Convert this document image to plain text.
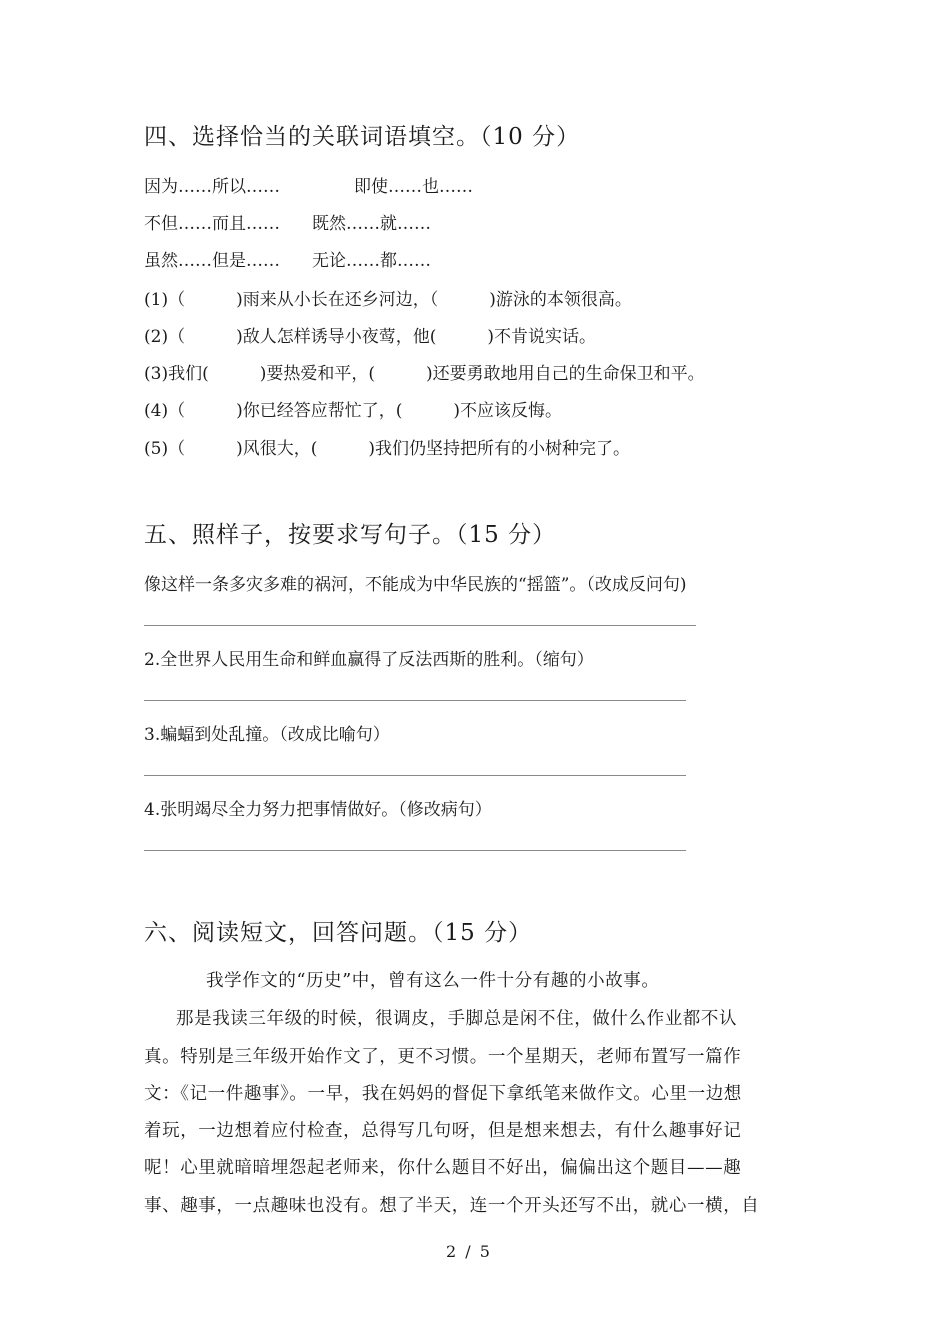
四、选择恰当的关联词语填空。（10 分）
因为……所以……	即使……也……
不但……而且…… 既然……就……
虽然……但是…… 无论……都……
(1)（　　　)雨来从小长在还乡河边，（　　　)游泳的本领很高。
(2)（　　　)敌人怎样诱导小夜莺，他(　　　)不肯说实话。
(3)我们(　　　)要热爱和平，(　　　)还要勇敢地用自己的生命保卫和平。
(4)（　　　)你已经答应帮忙了，(　　　)不应该反悔。
(5)（　　　)风很大，(　　　)我们仍坚持把所有的小树种完了。
五、照样子，按要求写句子。（15 分）
像这样一条多灾多难的祸河，不能成为中华民族的“摇篮”。（改成反问句)
2.全世界人民用生命和鲜血赢得了反法西斯的胜利。（缩句）
3.蝙蝠到处乱撞。（改成比喻句）
4.张明竭尽全力努力把事情做好。（修改病句）
六、阅读短文，回答问题。（15 分）
我学作文的“历史”中，曾有这么一件十分有趣的小故事。
那是我读三年级的时候，很调皮，手脚总是闲不住，做什么作业都不认
真。特别是三年级开始作文了，更不习惯。一个星期天，老师布置写一篇作
文：《记一件趣事》。一早，我在妈妈的督促下拿纸笔来做作文。心里一边想
着玩，一边想着应付检查，总得写几句呀，但是想来想去，有什么趣事好记
呢！心里就暗暗埋怨起老师来，你什么题目不好出，偏偏出这个题目——趣
事、趣事，一点趣味也没有。想了半天，连一个开头还写不出，就心一横，自
2 / 5
